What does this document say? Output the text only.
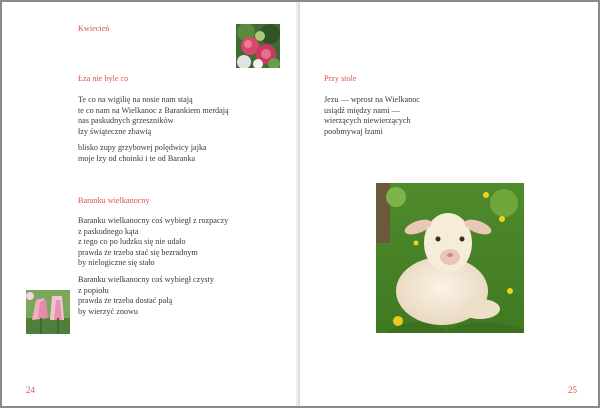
Kwiecień
Łza nie byle co
Te co na wigilię na nosie nam stają
te co nam na Wielkanoc z Barankiem merdają
nas paskudnych grzeszników
łzy świąteczne zbawią
blisko zupy grzybowej polędwicy jajka
moje łzy od choinki i te od Baranka
Baranku wielkanocny
Baranku wielkanocny coś wybiegł z rozpaczy
z paskudnego kąta
z tego co po ludzku się nie udało
prawda że trzeba stać się bezradnym
by nielogiczne się stało
Baranku wielkanocny coś wybiegł czysty
z popiołu
prawda że trzeba dostać pałą
by wierzyć znowu
24
Przy stole
Jezu — wprost na Wielkanoc
usiądź między nami —
wierzących niewierzących
poobmywaj łzami
25
